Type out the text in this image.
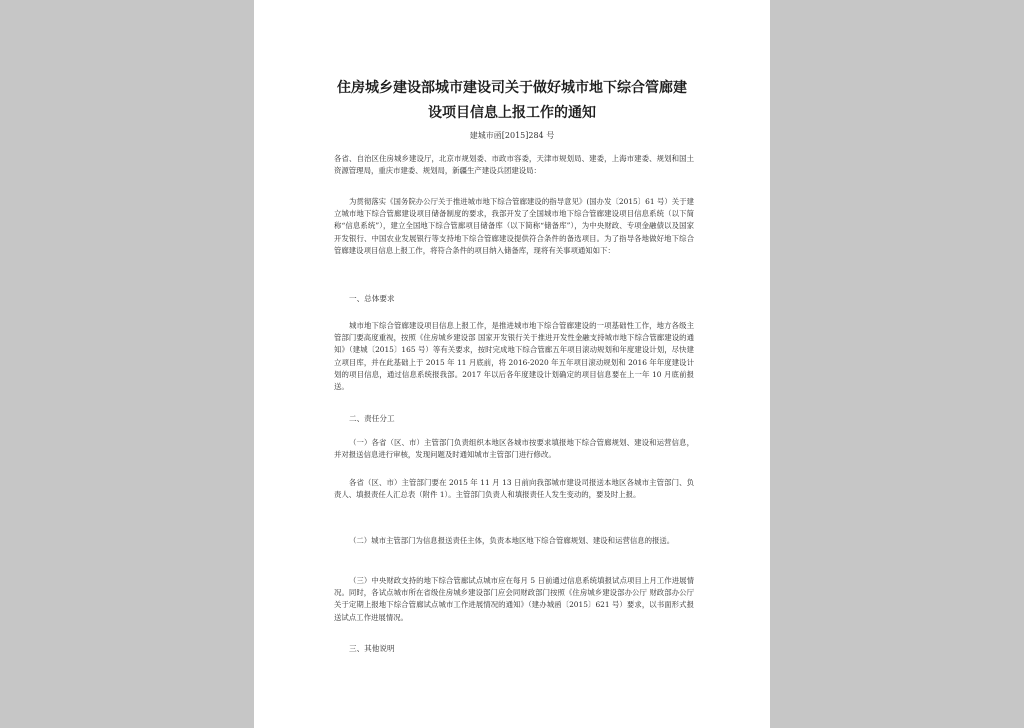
住房城乡建设部城市建设司关于做好城市地下综合管廊建
设项目信息上报工作的通知
建城市函[2015]284 号

各省、自治区住房城乡建设厅，北京市规划委、市政市容委，天津市规划局、建委，上海市建委、规划和国土资源管理局，重庆市建委、规划局，新疆生产建设兵团建设局：

为贯彻落实《国务院办公厅关于推进城市地下综合管廊建设的指导意见》(国办发〔2015〕61 号）关于建立城市地下综合管廊建设项目储备制度的要求，我部开发了全国城市地下综合管廊建设项目信息系统（以下简称“信息系统”），建立全国地下综合管廊项目储备库（以下简称“储备库”），为中央财政、专项金融债以及国家开发银行、中国农业发展银行等支持地下综合管廊建设提供符合条件的备选项目。为了指导各地做好地下综合管廊建设项目信息上报工作，将符合条件的项目纳入储备库，现将有关事项通知如下：

一、总体要求

城市地下综合管廊建设项目信息上报工作，是推进城市地下综合管廊建设的一项基础性工作，地方各级主管部门要高度重视，按照《住房城乡建设部 国家开发银行关于推进开发性金融支持城市地下综合管廊建设的通知》（建城〔2015〕165 号）等有关要求，按时完成地下综合管廊五年项目滚动规划和年度建设计划，尽快建立项目库，并在此基础上于 2015 年 11 月底前，将 2016-2020 年五年项目滚动规划和 2016 年年度建设计划的项目信息，通过信息系统报我部。2017 年以后各年度建设计划确定的项目信息要在上一年 10 月底前报送。

二、责任分工

（一）各省（区、市）主管部门负责组织本地区各城市按要求填报地下综合管廊规划、建设和运营信息，并对报送信息进行审核，发现问题及时通知城市主管部门进行修改。

各省（区、市）主管部门要在 2015 年 11 月 13 日前向我部城市建设司报送本地区各城市主管部门、负责人、填报责任人汇总表（附件 1）。主管部门负责人和填报责任人发生变动的，要及时上报。

（二）城市主管部门为信息报送责任主体，负责本地区地下综合管廊规划、建设和运营信息的报送。

（三）中央财政支持的地下综合管廊试点城市应在每月 5 日前通过信息系统填报试点项目上月工作进展情况。同时，各试点城市所在省级住房城乡建设部门应会同财政部门按照《住房城乡建设部办公厅 财政部办公厅关于定期上报地下综合管廊试点城市工作进展情况的通知》（建办城函〔2015〕621 号）要求，以书面形式报送试点工作进展情况。

三、其他说明
